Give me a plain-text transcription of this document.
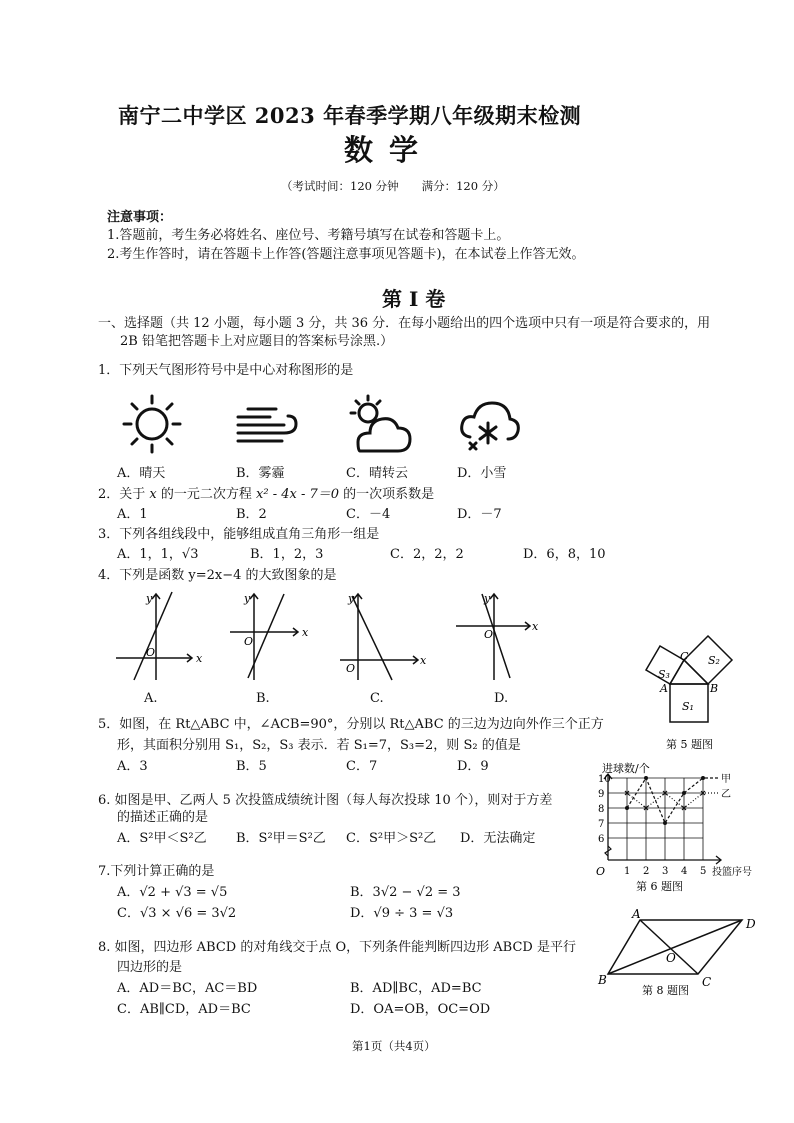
南宁二中学区 2023 年春季学期八年级期末检测
数学
（考试时间：120 分钟　　满分：120 分）
注意事项：
1.答题前，考生务必将姓名、座位号、考籍号填写在试卷和答题卡上。
2.考生作答时，请在答题卡上作答(答题注意事项见答题卡)，在本试卷上作答无效。
第 I 卷
一、选择题（共 12 小题，每小题 3 分，共 36 分．在每小题给出的四个选项中只有一项是符合要求的，用
2B 铅笔把答题卡上对应题目的答案标号涂黑.）
1．下列天气图形符号中是中心对称图形的是
A．晴天	B．雾霾	C．晴转云	D．小雪
2．关于 x 的一元二次方程 x² - 4x - 7＝0 的一次项系数是
A．1	B．2	C．－4	D．－7
3．下列各组线段中，能够组成直角三角形一组是
A．1，1，√3	B．1，2，3	C．2，2，2	D．6，8，10
4．下列是函数 y=2x−4 的大致图象的是
x
y
O
x
y
O
x
y
O
x
y
O
A.	B.	C.	D.
S₃
S₂
S₁
C
A	B
第 5 题图
5．如图，在 Rt△ABC 中，∠ACB=90°，分别以 Rt△ABC 的三边为边向外作三个正方
形，其面积分别用 S₁，S₂，S₃ 表示．若 S₁=7，S₃=2，则 S₂ 的值是
A．3	B．5	C．7	D．9	进球数/个
投篮序号
O
第 6 题图
6
7
8
9
10
1 2 3 4 5
甲
乙
6. 如图是甲、乙两人 5 次投篮成绩统计图（每人每次投球 10 个），则对于方差
的描述正确的是
A．S²甲＜S²乙 B．S²甲＝S²乙 C．S²甲＞S²乙 D．无法确定
7.下列计算正确的是
A．√2 + √3 = √5	B．3√2 − √2 = 3
C．√3 × √6 = 3√2	D．√9 ÷ 3 = √3	A
D
B	C
O
第 8 题图
8. 如图，四边形 ABCD 的对角线交于点 O，下列条件能判断四边形 ABCD 是平行
四边形的是
A．AD＝BC，AC＝BD	B．AD∥BC，AD=BC
C．AB∥CD，AD＝BC	D．OA=OB，OC=OD
第1页（共4页）
